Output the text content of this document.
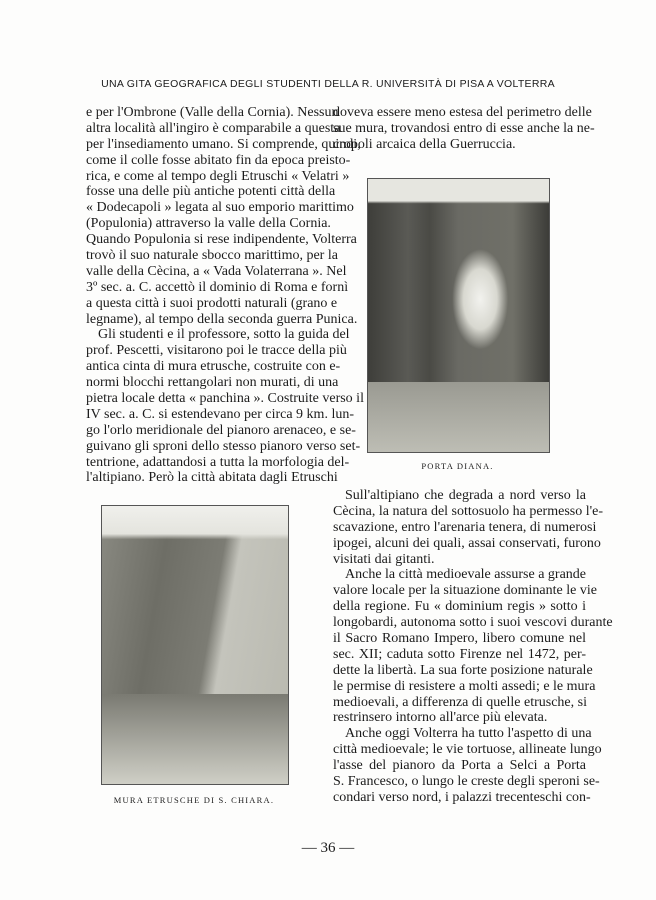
UNA GITA GEOGRAFICA DEGLI STUDENTI DELLA R. UNIVERSITÀ DI PISA A VOLTERRA
e per l'Ombrone (Valle della Cornia). Nessun
altra località all'ingiro è comparabile a questa
per l'insediamento umano. Si comprende, quindi,
come il colle fosse abitato fin da epoca preisto-
rica, e come al tempo degli Etruschi « Velatri »
fosse una delle più antiche potenti città della
« Dodecapoli » legata al suo emporio marittimo
(Populonia) attraverso la valle della Cornia.
Quando Populonia si rese indipendente, Volterra
trovò il suo naturale sbocco marittimo, per la
valle della Cècina, a « Vada Volaterrana ». Nel
3º sec. a. C. accettò il dominio di Roma e fornì
a questa città i suoi prodotti naturali (grano e
legname), al tempo della seconda guerra Punica.
Gli studenti e il professore, sotto la guida del
prof. Pescetti, visitarono poi le tracce della più
antica cinta di mura etrusche, costruite con e-
normi blocchi rettangolari non murati, di una
pietra locale detta « panchina ». Costruite verso il
IV sec. a. C. si estendevano per circa 9 km. lun-
go l'orlo meridionale del pianoro arenaceo, e se-
guivano gli sproni dello stesso pianoro verso set-
tentrione, adattandosi a tutta la morfologia del-
l'altipiano. Però la città abitata dagli Etruschi
doveva essere meno estesa del perimetro delle
sue mura, trovandosi entro di esse anche la ne-
cropoli arcaica della Guerruccia.
PORTA DIANA.
MURA ETRUSCHE DI S. CHIARA.
Sull'altipiano che degrada a nord verso la
Cècina, la natura del sottosuolo ha permesso l'e-
scavazione, entro l'arenaria tenera, di numerosi
ipogei, alcuni dei quali, assai conservati, furono
visitati dai gitanti.
Anche la città medioevale assurse a grande
valore locale per la situazione dominante le vie
della regione. Fu « dominium regis » sotto i
longobardi, autonoma sotto i suoi vescovi durante
il Sacro Romano Impero, libero comune nel
sec. XII; caduta sotto Firenze nel 1472, per-
dette la libertà. La sua forte posizione naturale
le permise di resistere a molti assedi; e le mura
medioevali, a differenza di quelle etrusche, si
restrinsero intorno all'arce più elevata.
Anche oggi Volterra ha tutto l'aspetto di una
città medioevale; le vie tortuose, allineate lungo
l'asse del pianoro da Porta a Selci a Porta
S. Francesco, o lungo le creste degli speroni se-
condari verso nord, i palazzi trecenteschi con-
— 36 —
